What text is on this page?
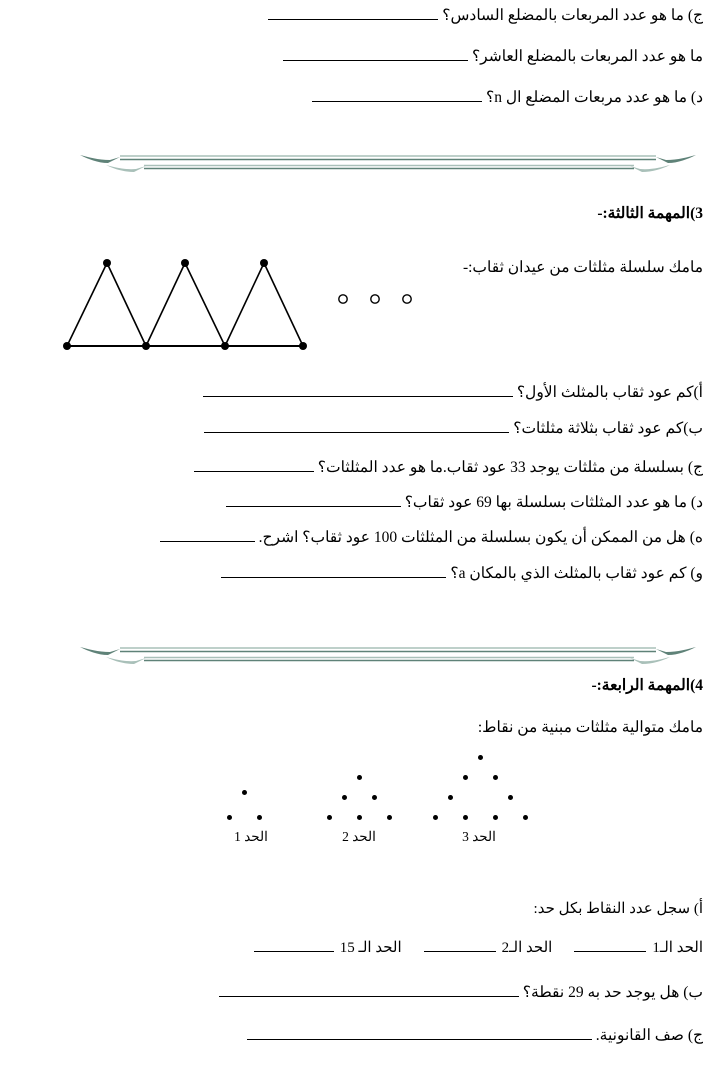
ج) ما هو عدد المربعات بالمضلع السادس؟
ما هو عدد المربعات بالمضلع العاشر؟
د) ما هو عدد مربعات المضلع ال n؟
3)المهمة الثالثة:-
مامك سلسلة مثلثات من عيدان ثقاب:-
أ)كم عود ثقاب بالمثلث الأول؟
ب)كم عود ثقاب بثلاثة مثلثات؟
ج) بسلسلة من مثلثات يوجد 33 عود ثقاب.ما هو عدد المثلثات؟
د) ما هو عدد المثلثات بسلسلة بها 69 عود ثقاب؟
ه) هل من الممكن أن يكون بسلسلة من المثلثات 100 عود ثقاب؟ اشرح.
و) كم عود ثقاب بالمثلث الذي بالمكان a؟
4)المهمة الرابعة:-
مامك متوالية مثلثات مبنية من نقاط:
الحد 1	الحد 2	الحد 3
أ) سجل عدد النقاط بكل حد:
الحد الـ1
الحد الـ2
الحد الـ 15
ب) هل يوجد حد به 29 نقطة؟
ج) صف القانونية.
